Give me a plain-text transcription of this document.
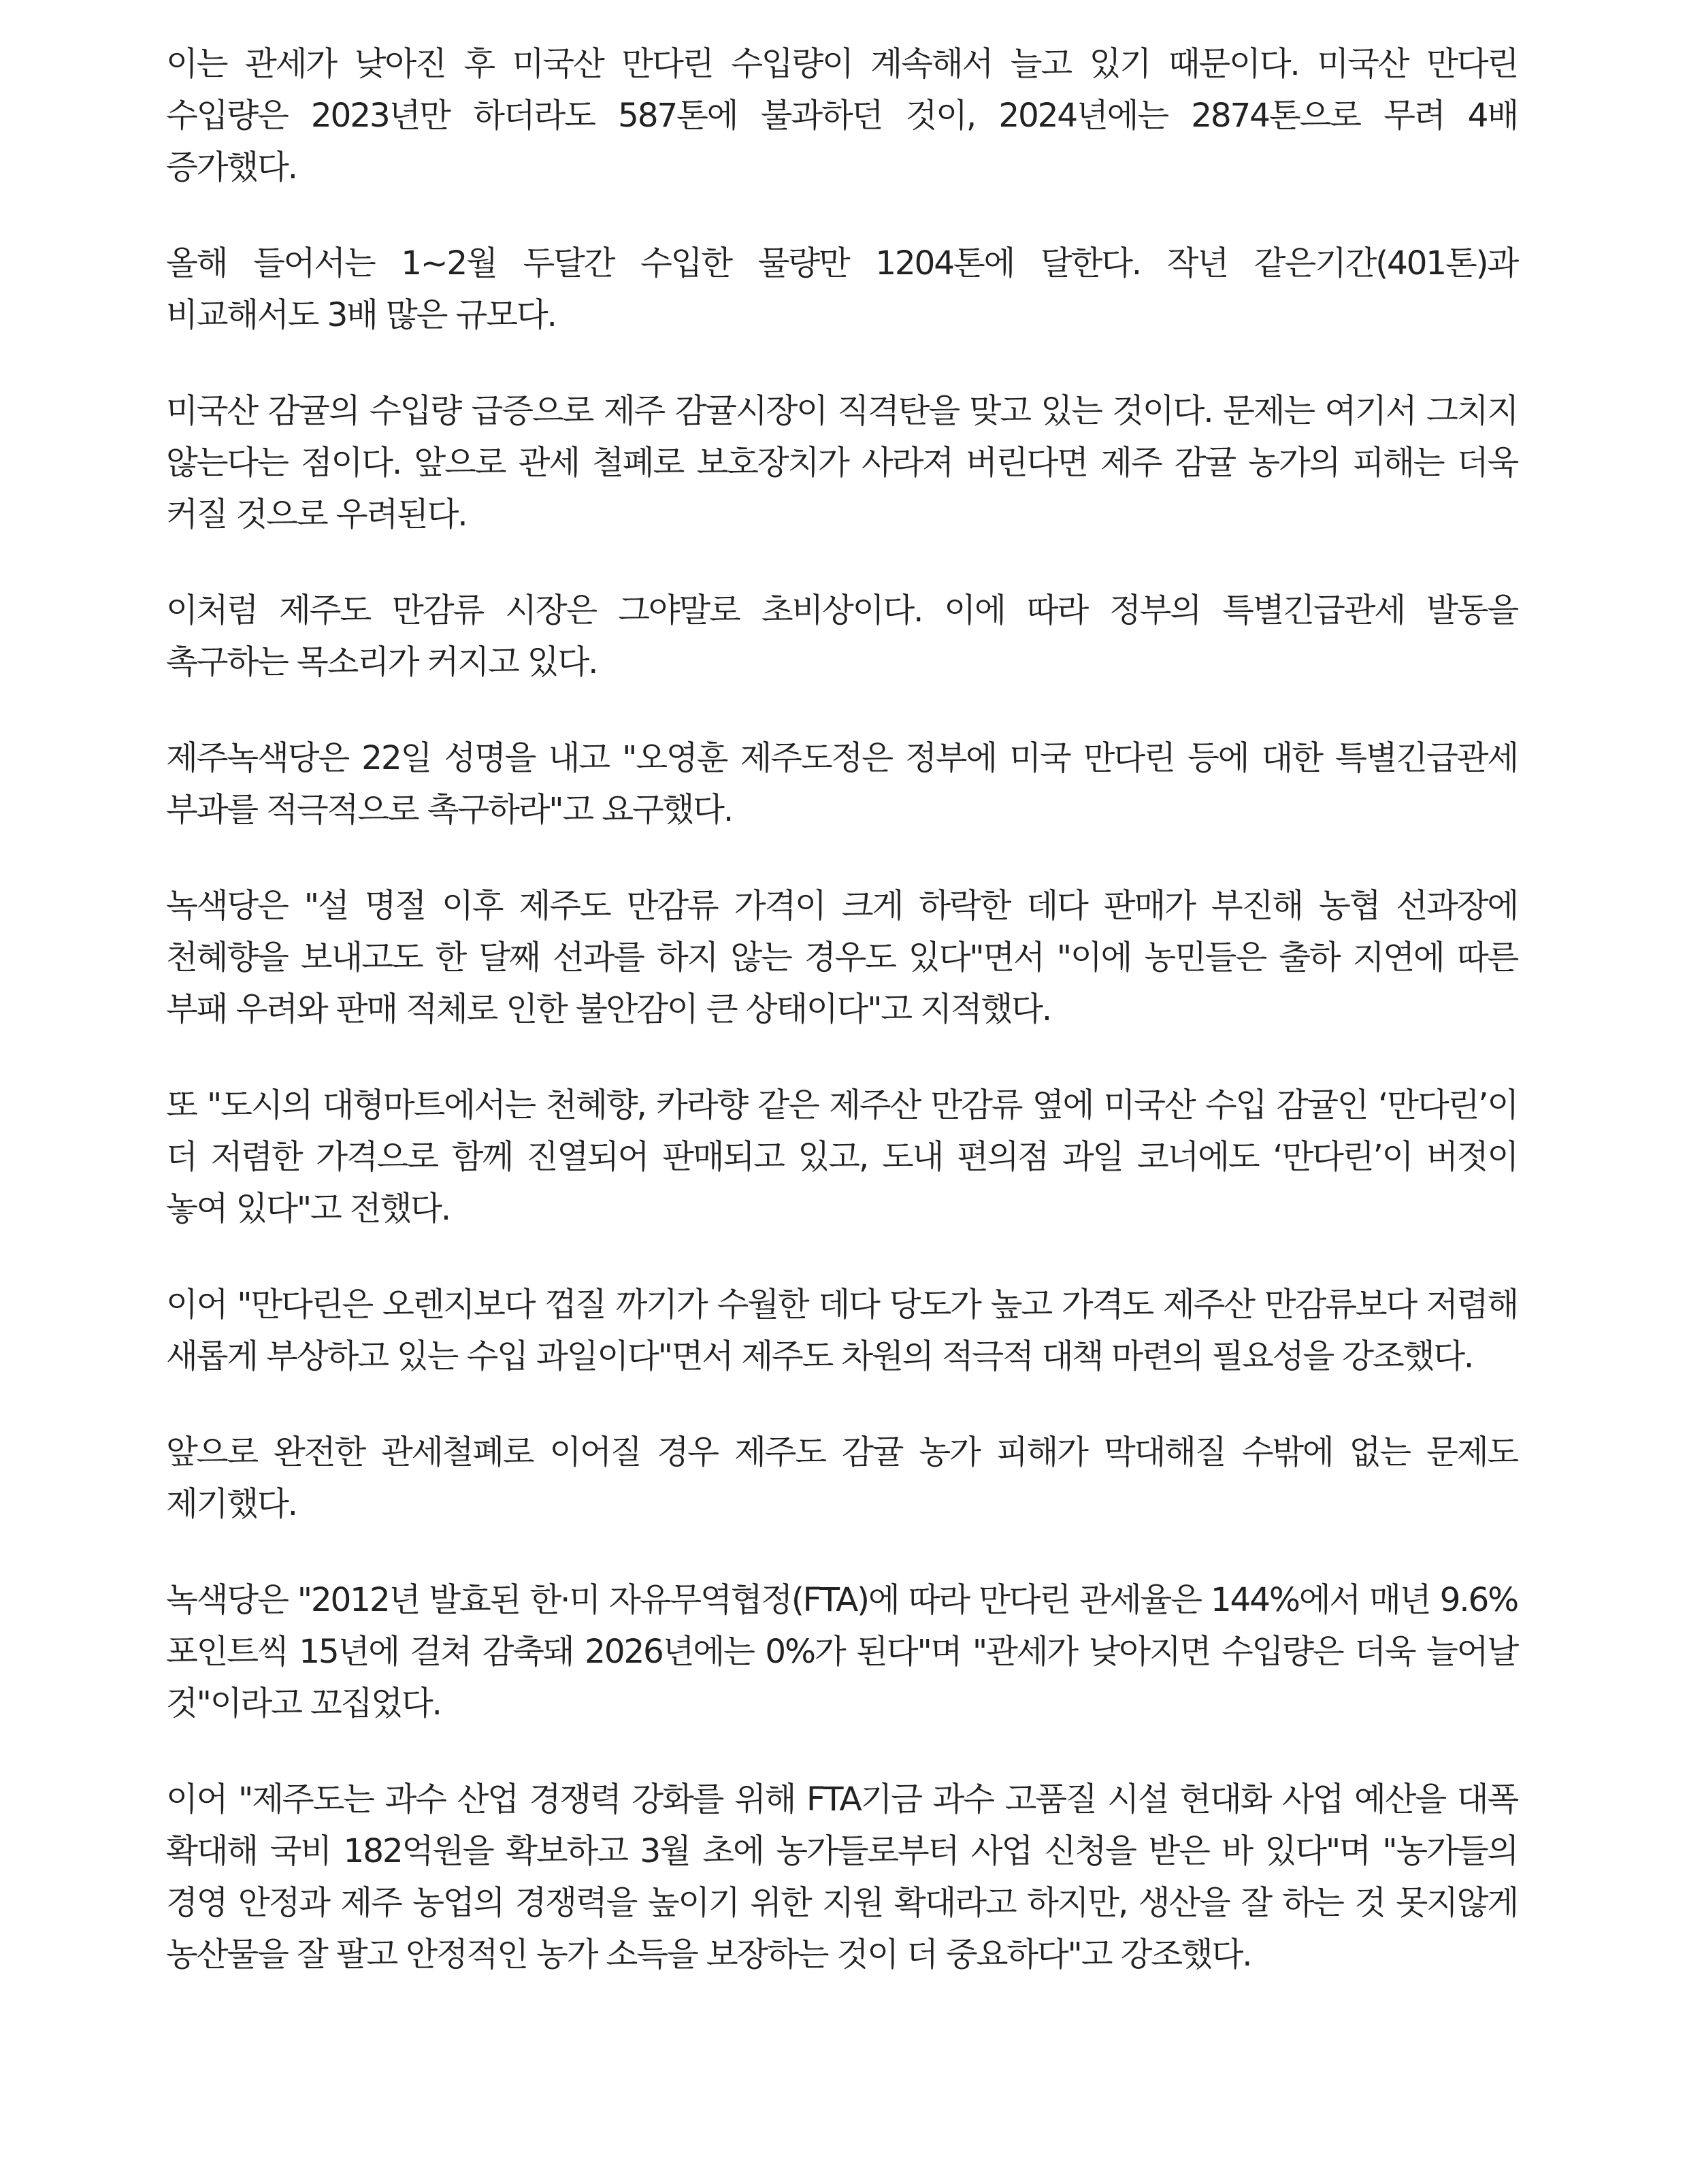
이는 관세가 낮아진 후 미국산 만다린 수입량이 계속해서 늘고 있기 때문이다. 미국산 만다린 수입량은 2023년만 하더라도 587톤에 불과하던 것이, 2024년에는 2874톤으로 무려 4배 증가했다.

올해 들어서는 1~2월 두달간 수입한 물량만 1204톤에 달한다. 작년 같은기간(401톤)과 비교해서도 3배 많은 규모다.

미국산 감귤의 수입량 급증으로 제주 감귤시장이 직격탄을 맞고 있는 것이다. 문제는 여기서 그치지 않는다는 점이다. 앞으로 관세 철폐로 보호장치가 사라져 버린다면 제주 감귤 농가의 피해는 더욱 커질 것으로 우려된다.

이처럼 제주도 만감류 시장은 그야말로 초비상이다. 이에 따라 정부의 특별긴급관세 발동을 촉구하는 목소리가 커지고 있다.

제주녹색당은 22일 성명을 내고 "오영훈 제주도정은 정부에 미국 만다린 등에 대한 특별긴급관세 부과를 적극적으로 촉구하라"고 요구했다.

녹색당은 "설 명절 이후 제주도 만감류 가격이 크게 하락한 데다 판매가 부진해 농협 선과장에 천혜향을 보내고도 한 달째 선과를 하지 않는 경우도 있다"면서 "이에 농민들은 출하 지연에 따른 부패 우려와 판매 적체로 인한 불안감이 큰 상태이다"고 지적했다.

또 "도시의 대형마트에서는 천혜향, 카라향 같은 제주산 만감류 옆에 미국산 수입 감귤인 ‘만다린’이 더 저렴한 가격으로 함께 진열되어 판매되고 있고, 도내 편의점 과일 코너에도 ‘만다린’이 버젓이 놓여 있다"고 전했다.

이어 "만다린은 오렌지보다 껍질 까기가 수월한 데다 당도가 높고 가격도 제주산 만감류보다 저렴해 새롭게 부상하고 있는 수입 과일이다"면서 제주도 차원의 적극적 대책 마련의 필요성을 강조했다.

앞으로 완전한 관세철폐로 이어질 경우 제주도 감귤 농가 피해가 막대해질 수밖에 없는 문제도 제기했다.

녹색당은 "2012년 발효된 한·미 자유무역협정(FTA)에 따라 만다린 관세율은 144%에서 매년 9.6%포인트씩 15년에 걸쳐 감축돼 2026년에는 0%가 된다"며 "관세가 낮아지면 수입량은 더욱 늘어날 것"이라고 꼬집었다.

이어 "제주도는 과수 산업 경쟁력 강화를 위해 FTA기금 과수 고품질 시설 현대화 사업 예산을 대폭 확대해 국비 182억원을 확보하고 3월 초에 농가들로부터 사업 신청을 받은 바 있다"며 "농가들의 경영 안정과 제주 농업의 경쟁력을 높이기 위한 지원 확대라고 하지만, 생산을 잘 하는 것 못지않게 농산물을 잘 팔고 안정적인 농가 소득을 보장하는 것이 더 중요하다"고 강조했다.
